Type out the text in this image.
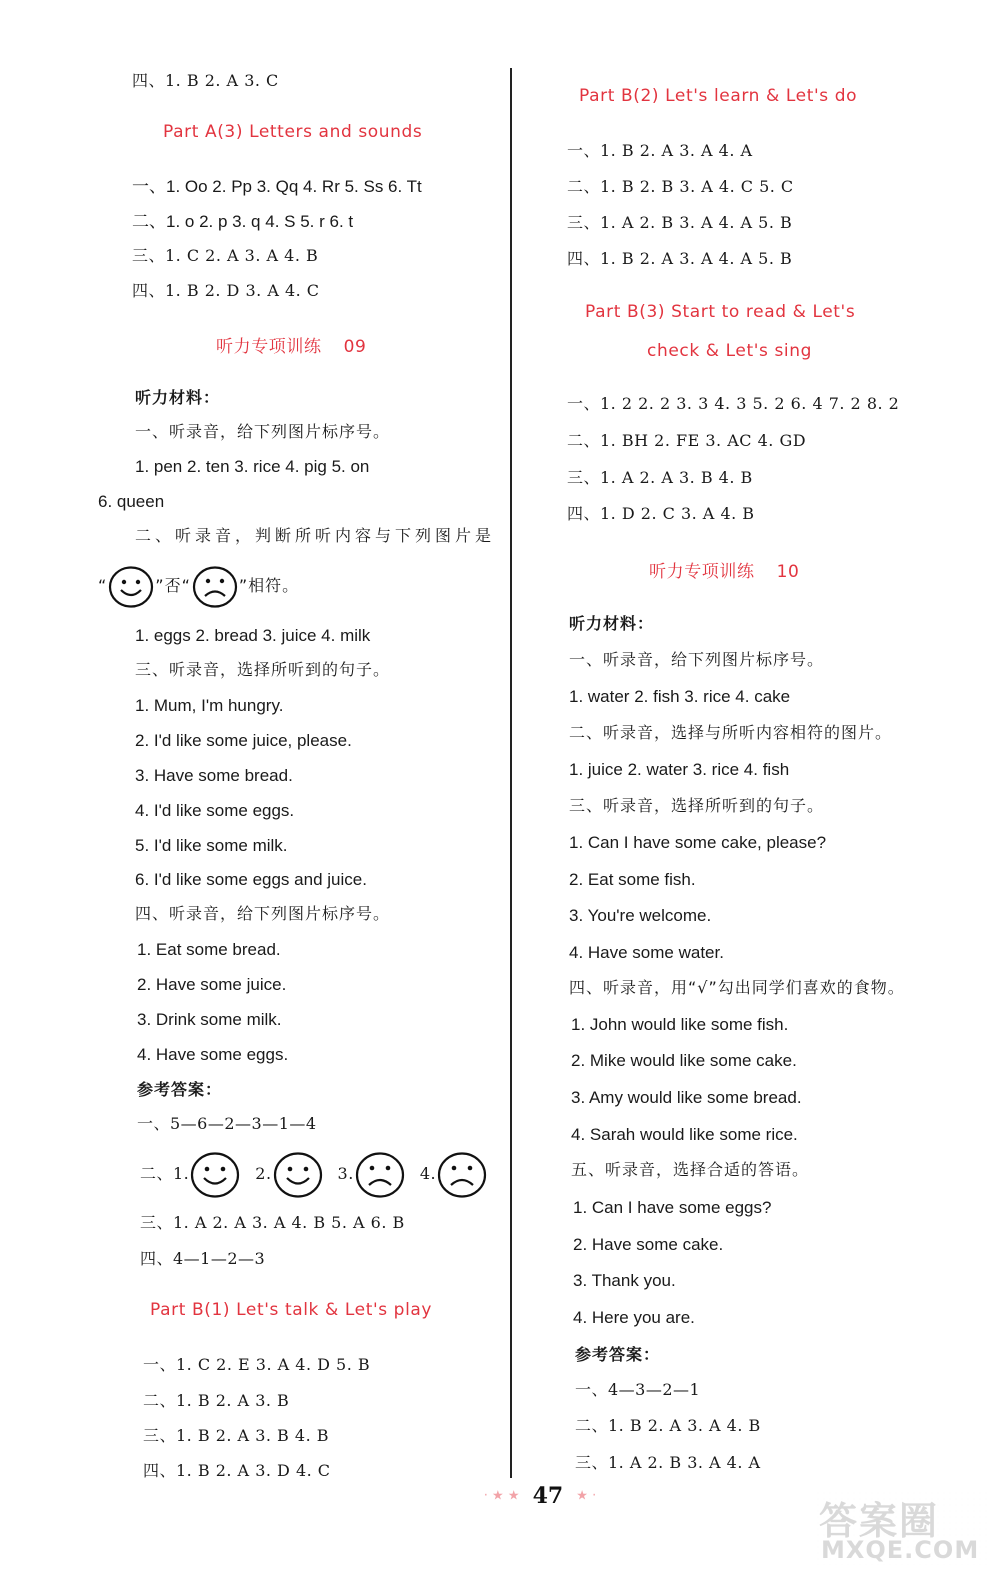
四、1. B 2. A 3. C
Part A(3) Letters and sounds
一、1. Oo 2. Pp 3. Qq 4. Rr 5. Ss 6. Tt
二、1. o 2. p 3. q 4. S 5. r 6. t
三、1. C 2. A 3. A 4. B
四、1. B 2. D 3. A 4. C
听力专项训练 09
听力材料：
一、听录音，给下列图片标序号。
1. pen 2. ten 3. rice 4. pig 5. on
6. queen
二、听录音，判断所听内容与下列图片是
“	”否“	”相符。
1. eggs 2. bread 3. juice 4. milk
三、听录音，选择所听到的句子。
1. Mum, I'm hungry.
2. I'd like some juice, please.
3. Have some bread.
4. I'd like some eggs.
5. I'd like some milk.
6. I'd like some eggs and juice.
四、听录音，给下列图片标序号。
1. Eat some bread.
2. Have some juice.
3. Drink some milk.
4. Have some eggs.
参考答案：
一、5—6—2—3—1—4
二、1.	2.	3.	4.
三、1. A 2. A 3. A 4. B 5. A 6. B
四、4—1—2—3
Part B(1) Let's talk & Let's play
一、1. C 2. E 3. A 4. D 5. B
二、1. B 2. A 3. B
三、1. B 2. A 3. B 4. B
四、1. B 2. A 3. D 4. C
Part B(2) Let's learn & Let's do
一、1. B 2. A 3. A 4. A
二、1. B 2. B 3. A 4. C 5. C
三、1. A 2. B 3. A 4. A 5. B
四、1. B 2. A 3. A 4. A 5. B
Part B(3) Start to read & Let's
check & Let's sing
一、1. 2 2. 2 3. 3 4. 3 5. 2 6. 4 7. 2 8. 2
二、1. BH 2. FE 3. AC 4. GD
三、1. A 2. A 3. B 4. B
四、1. D 2. C 3. A 4. B
听力专项训练 10
听力材料：
一、听录音，给下列图片标序号。
1. water 2. fish 3. rice 4. cake
二、听录音，选择与所听内容相符的图片。
1. juice 2. water 3. rice 4. fish
三、听录音，选择所听到的句子。
1. Can I have some cake, please?
2. Eat some fish.
3. You're welcome.
4. Have some water.
四、听录音，用“√”勾出同学们喜欢的食物。
1. John would like some fish.
2. Mike would like some cake.
3. Amy would like some bread.
4. Sarah would like some rice.
五、听录音，选择合适的答语。
1. Can I have some eggs?
2. Have some cake.
3. Thank you.
4. Here you are.
参考答案：
一、4—3—2—1
二、1. B 2. A 3. A 4. B
三、1. A 2. B 3. A 4. A
· ★ ★ 47 ★ ·
答案圈
MXQE.COM
